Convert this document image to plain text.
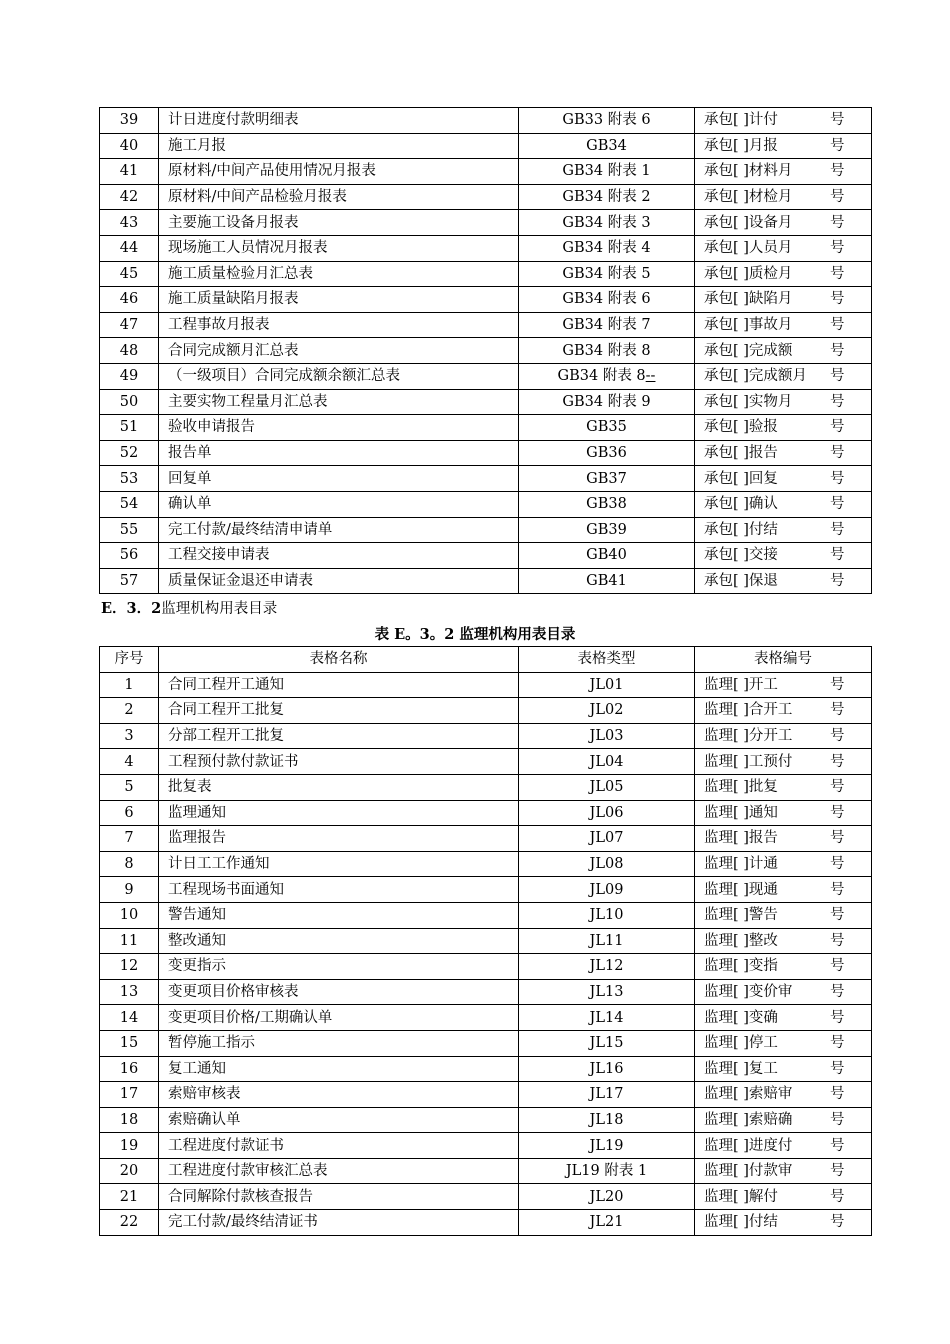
39	计日进度付款明细表	GB33 附表 6	承包[ ]计付 号
40	施工月报	GB34	承包[ ]月报 号
41	原材料/中间产品使用情况月报表	GB34 附表 1	承包[ ]材料月 号
42	原材料/中间产品检验月报表	GB34 附表 2	承包[ ]材检月 号
43	主要施工设备月报表	GB34 附表 3	承包[ ]设备月 号
44	现场施工人员情况月报表	GB34 附表 4	承包[ ]人员月 号
45	施工质量检验月汇总表	GB34 附表 5	承包[ ]质检月 号
46	施工质量缺陷月报表	GB34 附表 6	承包[ ]缺陷月 号
47	工程事故月报表	GB34 附表 7	承包[ ]事故月 号
48	合同完成额月汇总表	GB34 附表 8	承包[ ]完成额 号
49	（一级项目）合同完成额余额汇总表	GB34 附表 8--	承包[ ]完成额月 号
50	主要实物工程量月汇总表	GB34 附表 9	承包[ ]实物月 号
51	验收申请报告	GB35	承包[ ]验报 号
52	报告单	GB36	承包[ ]报告 号
53	回复单	GB37	承包[ ]回复 号
54	确认单	GB38	承包[ ]确认 号
55	完工付款/最终结清申请单	GB39	承包[ ]付结 号
56	工程交接申请表	GB40	承包[ ]交接 号
57	质量保证金退还申请表	GB41	承包[ ]保退 号
E．3．2监理机构用表目录
表 E。3。2 监理机构用表目录
序号	表格名称	表格类型	表格编号
1	合同工程开工通知	JL01	监理[ ]开工 号
2	合同工程开工批复	JL02	监理[ ]合开工 号
3	分部工程开工批复	JL03	监理[ ]分开工 号
4	工程预付款付款证书	JL04	监理[ ]工预付 号
5	批复表	JL05	监理[ ]批复 号
6	监理通知	JL06	监理[ ]通知 号
7	监理报告	JL07	监理[ ]报告 号
8	计日工工作通知	JL08	监理[ ]计通 号
9	工程现场书面通知	JL09	监理[ ]现通 号
10	警告通知	JL10	监理[ ]警告 号
11	整改通知	JL11	监理[ ]整改 号
12	变更指示	JL12	监理[ ]变指 号
13	变更项目价格审核表	JL13	监理[ ]变价审 号
14	变更项目价格/工期确认单	JL14	监理[ ]变确 号
15	暂停施工指示	JL15	监理[ ]停工 号
16	复工通知	JL16	监理[ ]复工 号
17	索赔审核表	JL17	监理[ ]索赔审 号
18	索赔确认单	JL18	监理[ ]索赔确 号
19	工程进度付款证书	JL19	监理[ ]进度付 号
20	工程进度付款审核汇总表	JL19 附表 1	监理[ ]付款审 号
21	合同解除付款核查报告	JL20	监理[ ]解付 号
22	完工付款/最终结清证书	JL21	监理[ ]付结 号
